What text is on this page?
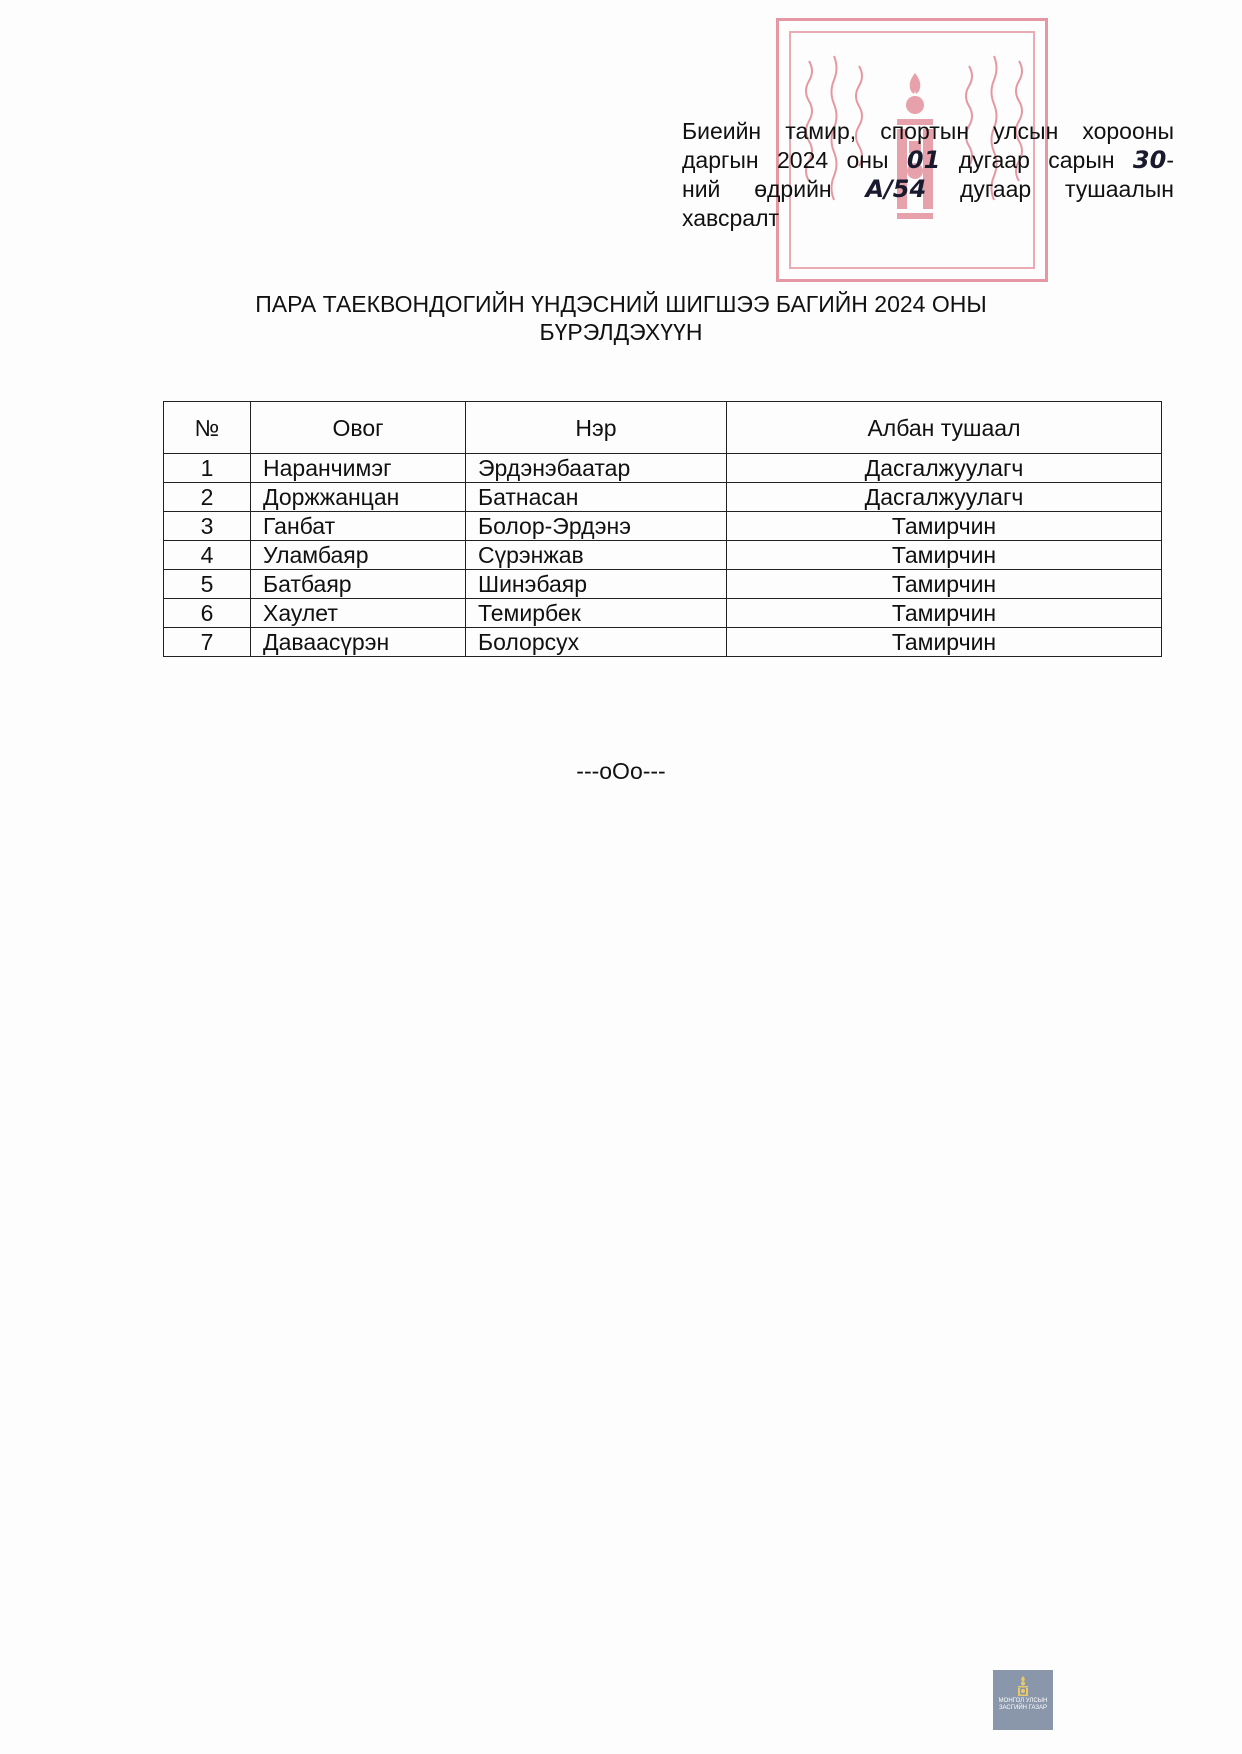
Биеийн тамир, спортын улсын хорооны
даргын 2024 оны 01 дугаар сарын 30-
ний өдрийн А/54 дугаар тушаалын
хавсралт
ПАРА ТАЕКВОНДОГИЙН ҮНДЭСНИЙ ШИГШЭЭ БАГИЙН 2024 ОНЫ
БҮРЭЛДЭХҮҮН
№	Овог	Нэр	Албан тушаал
1	Наранчимэг	Эрдэнэбаатар	Дасгалжуулагч
2	Доржжанцан	Батнасан	Дасгалжуулагч
3	Ганбат	Болор-Эрдэнэ	Тамирчин
4	Уламбаяр	Сүрэнжав	Тамирчин
5	Батбаяр	Шинэбаяр	Тамирчин
6	Хаулет	Темирбек	Тамирчин
7	Даваасүрэн	Болорсух	Тамирчин
---oOo---
МОНГОЛ УЛСЫН
ЗАСГИЙН ГАЗАР
